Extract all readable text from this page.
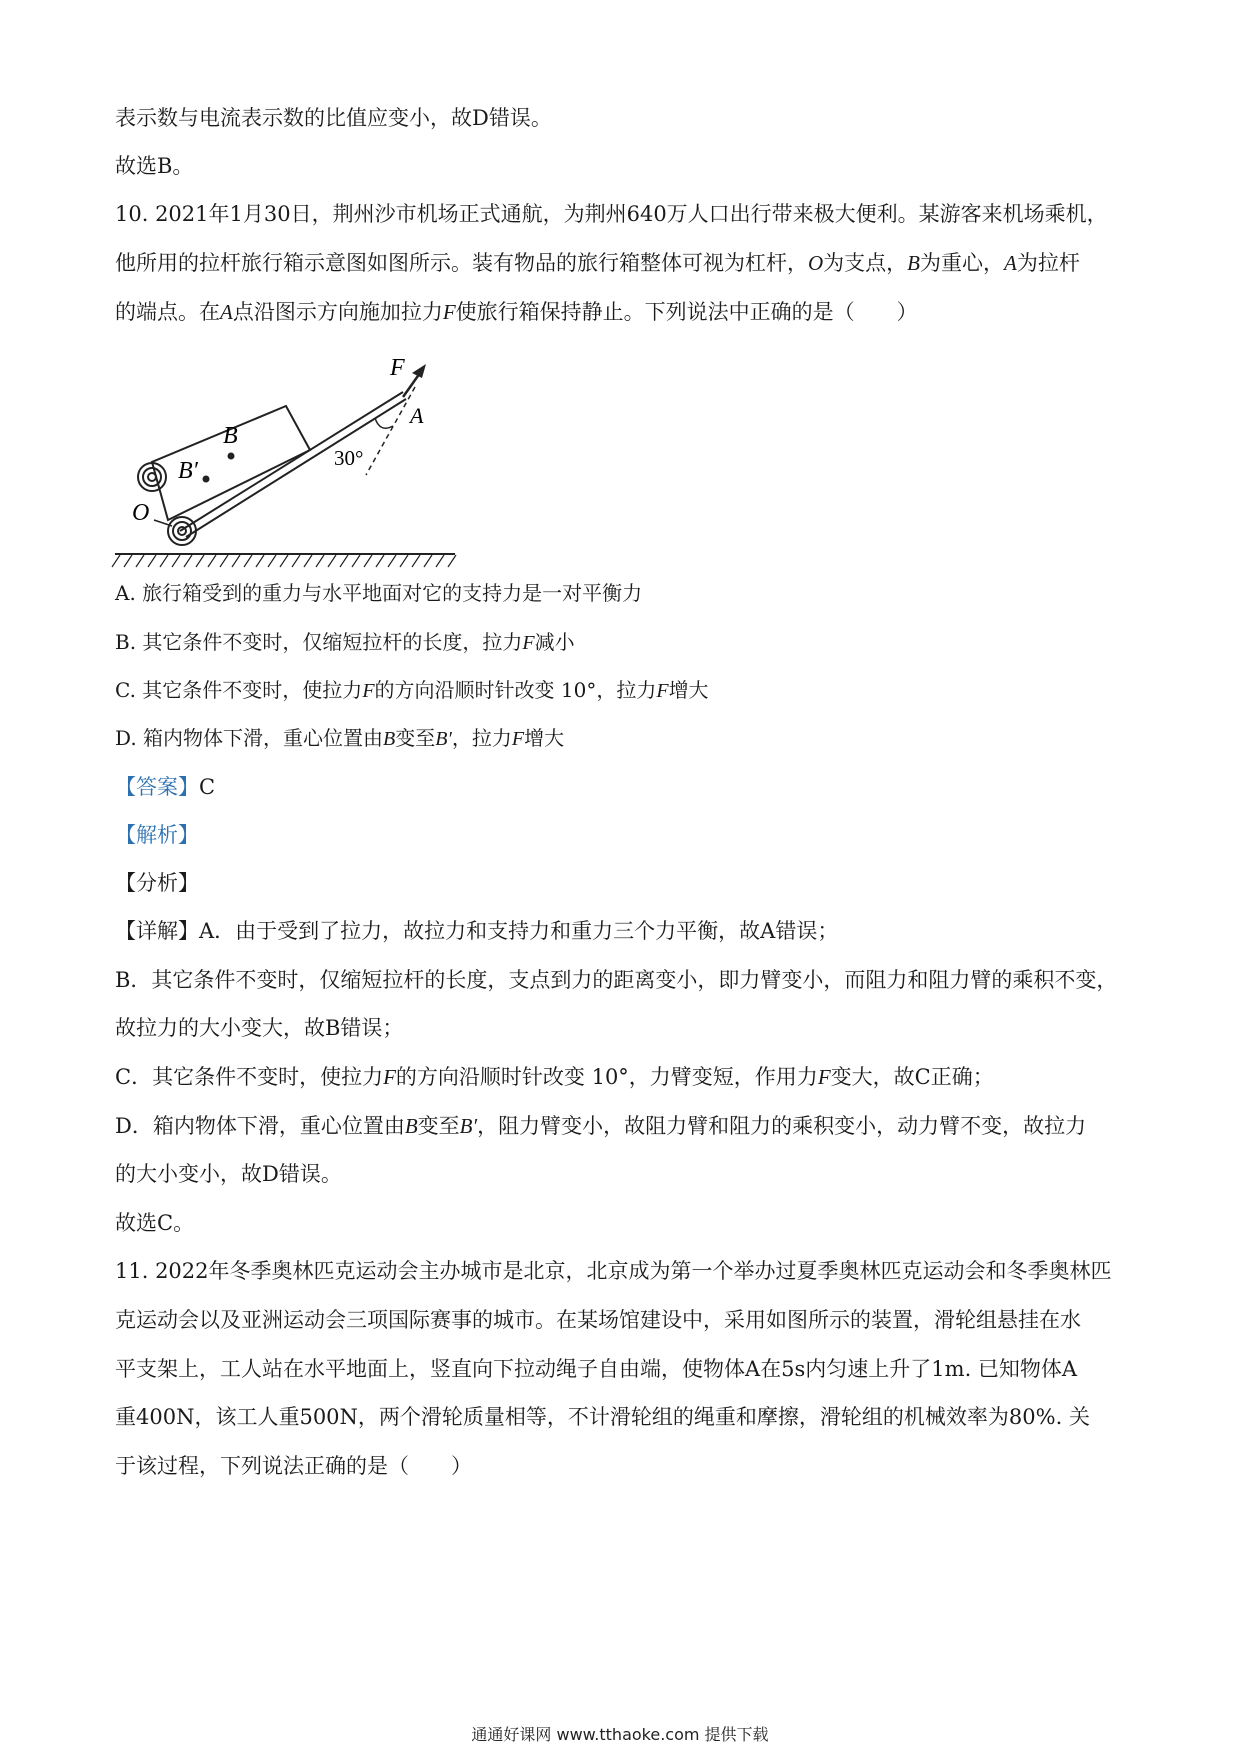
表示数与电流表示数的比值应变小，故D错误。
故选B。
10. 2021年1月30日，荆州沙市机场正式通航，为荆州640万人口出行带来极大便利。某游客来机场乘机，
他所用的拉杆旅行箱示意图如图所示。装有物品的旅行箱整体可视为杠杆，O为支点，B为重心，A为拉杆
的端点。在A点沿图示方向施加拉力F使旅行箱保持静止。下列说法中正确的是（　　）
F
A
B
B′
O
30°
A. 旅行箱受到的重力与水平地面对它的支持力是一对平衡力
B. 其它条件不变时，仅缩短拉杆的长度，拉力F减小
C. 其它条件不变时，使拉力F的方向沿顺时针改变 10°，拉力F增大
D. 箱内物体下滑，重心位置由B变至B′，拉力F增大
【答案】C
【解析】
【分析】
【详解】A．由于受到了拉力，故拉力和支持力和重力三个力平衡，故A错误；
B．其它条件不变时，仅缩短拉杆的长度，支点到力的距离变小，即力臂变小，而阻力和阻力臂的乘积不变，
故拉力的大小变大，故B错误；
C．其它条件不变时，使拉力F的方向沿顺时针改变 10°，力臂变短，作用力F变大，故C正确；
D．箱内物体下滑，重心位置由B变至B′，阻力臂变小，故阻力臂和阻力的乘积变小，动力臂不变，故拉力
的大小变小，故D错误。
故选C。
11. 2022年冬季奥林匹克运动会主办城市是北京，北京成为第一个举办过夏季奥林匹克运动会和冬季奥林匹
克运动会以及亚洲运动会三项国际赛事的城市。在某场馆建设中，采用如图所示的装置，滑轮组悬挂在水
平支架上，工人站在水平地面上，竖直向下拉动绳子自由端，使物体A在5s内匀速上升了1m. 已知物体A
重400N，该工人重500N，两个滑轮质量相等，不计滑轮组的绳重和摩擦，滑轮组的机械效率为80%. 关
于该过程，下列说法正确的是（　　）
通通好课网 www.tthaoke.com 提供下载
